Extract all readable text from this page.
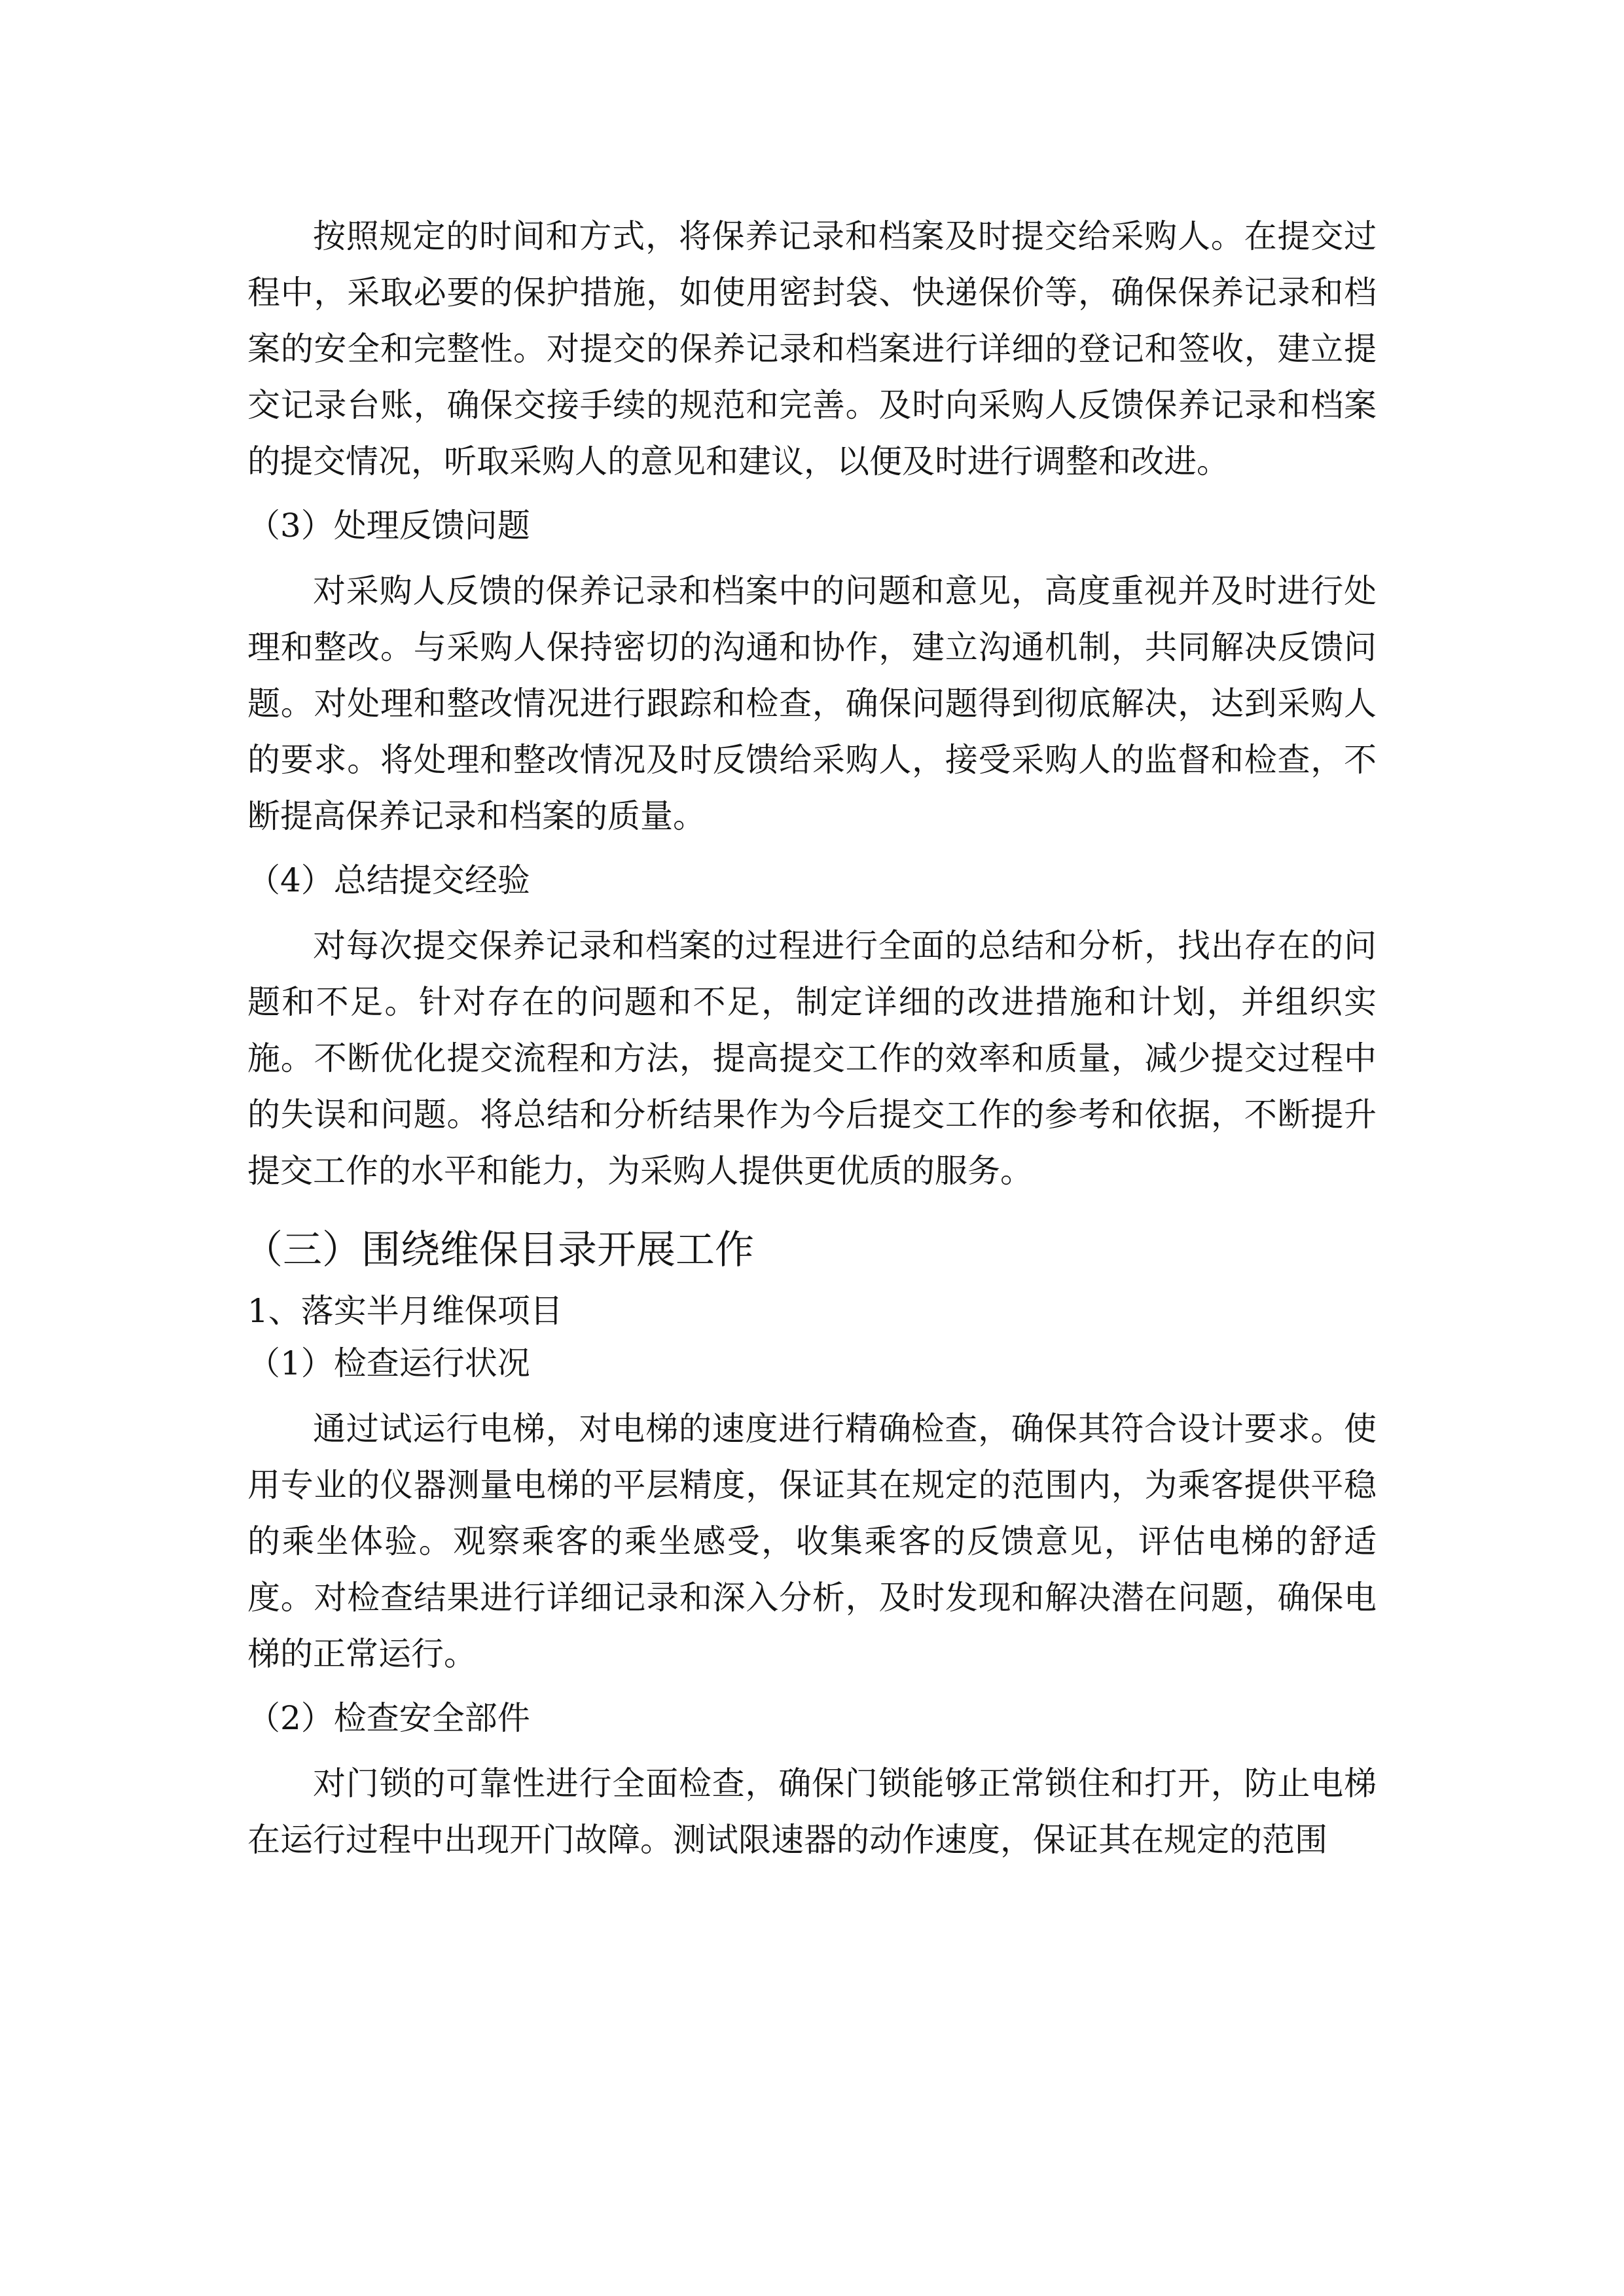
按照规定的时间和方式，将保养记录和档案及时提交给采购人。在提交过程中，采取必要的保护措施，如使用密封袋、快递保价等，确保保养记录和档案的安全和完整性。对提交的保养记录和档案进行详细的登记和签收，建立提交记录台账，确保交接手续的规范和完善。及时向采购人反馈保养记录和档案的提交情况，听取采购人的意见和建议，以便及时进行调整和改进。

（3）处理反馈问题

对采购人反馈的保养记录和档案中的问题和意见，高度重视并及时进行处理和整改。与采购人保持密切的沟通和协作，建立沟通机制，共同解决反馈问题。对处理和整改情况进行跟踪和检查，确保问题得到彻底解决，达到采购人的要求。将处理和整改情况及时反馈给采购人，接受采购人的监督和检查，不断提高保养记录和档案的质量。

（4）总结提交经验

对每次提交保养记录和档案的过程进行全面的总结和分析，找出存在的问题和不足。针对存在的问题和不足，制定详细的改进措施和计划，并组织实施。不断优化提交流程和方法，提高提交工作的效率和质量，减少提交过程中的失误和问题。将总结和分析结果作为今后提交工作的参考和依据，不断提升提交工作的水平和能力，为采购人提供更优质的服务。

（三）围绕维保目录开展工作

1、落实半月维保项目

（1）检查运行状况

通过试运行电梯，对电梯的速度进行精确检查，确保其符合设计要求。使用专业的仪器测量电梯的平层精度，保证其在规定的范围内，为乘客提供平稳的乘坐体验。观察乘客的乘坐感受，收集乘客的反馈意见，评估电梯的舒适度。对检查结果进行详细记录和深入分析，及时发现和解决潜在问题，确保电梯的正常运行。

（2）检查安全部件

对门锁的可靠性进行全面检查，确保门锁能够正常锁住和打开，防止电梯在运行过程中出现开门故障。测试限速器的动作速度，保证其在规定的范围
